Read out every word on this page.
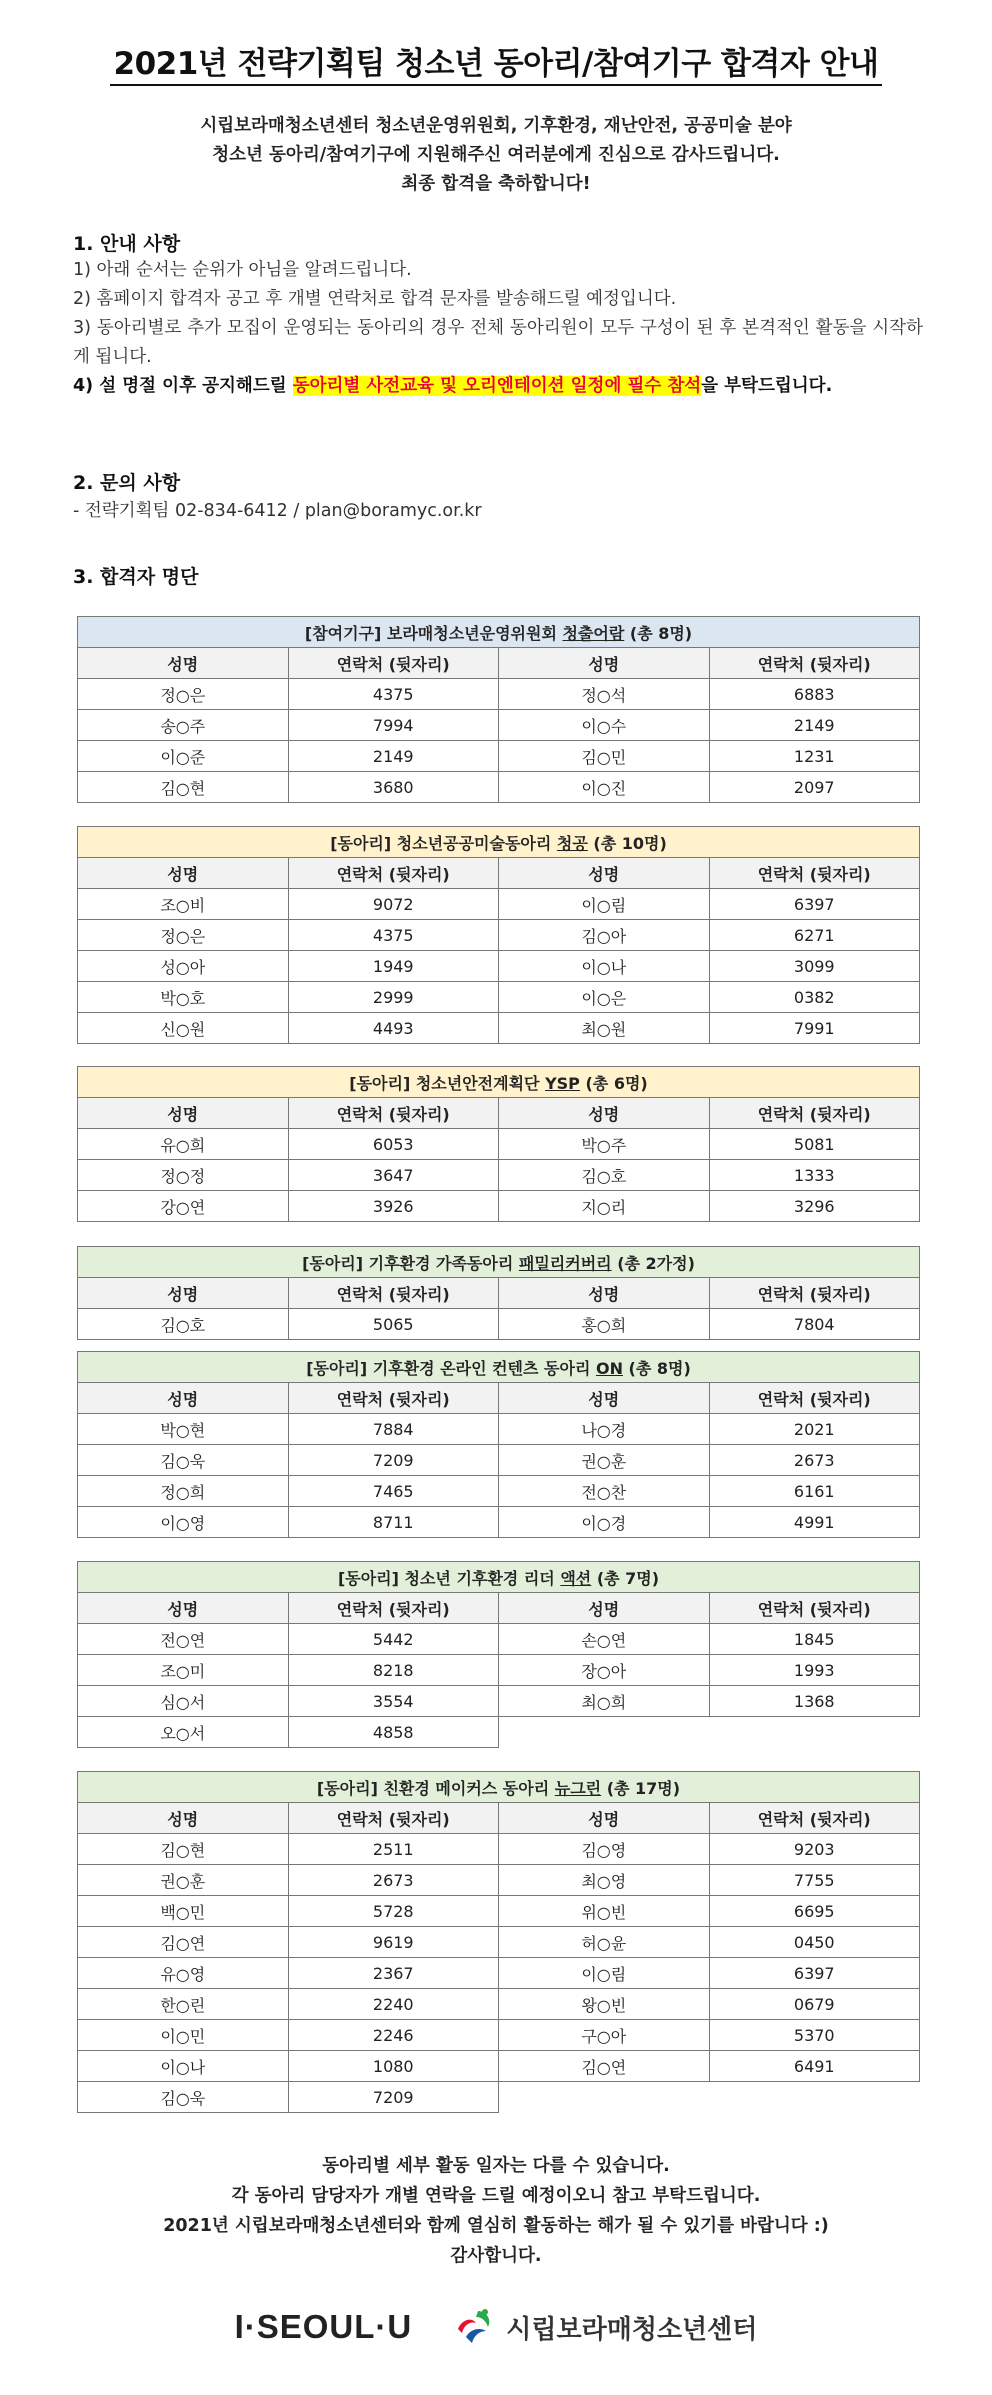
2021년 전략기획팀 청소년 동아리/참여기구 합격자 안내
시립보라매청소년센터 청소년운영위원회, 기후환경, 재난안전, 공공미술 분야
청소년 동아리/참여기구에 지원해주신 여러분에게 진심으로 감사드립니다.
최종 합격을 축하합니다!
1. 안내 사항

1) 아래 순서는 순위가 아님을 알려드립니다.

2) 홈페이지 합격자 공고 후 개별 연락처로 합격 문자를 발송해드릴 예정입니다.

3) 동아리별로 추가 모집이 운영되는 동아리의 경우 전체 동아리원이 모두 구성이 된 후 본격적인 활동을 시작하게 됩니다.

4) 설 명절 이후 공지해드릴 동아리별 사전교육 및 오리엔테이션 일정에 필수 참석을 부탁드립니다.

2. 문의 사항
- 전략기획팀 02-834-6412 / plan@boramyc.or.kr
3. 합격자 명단
[참여기구] 보라매청소년운영위원회 청출어람 (총 8명)			
성명	연락처 (뒷자리)	성명	연락처 (뒷자리)
정○은	4375	정○석	6883
송○주	7994	이○수	2149
이○준	2149	김○민	1231
김○현	3680	이○진	2097
[동아리] 청소년공공미술동아리 청공 (총 10명)			
성명	연락처 (뒷자리)	성명	연락처 (뒷자리)
조○비	9072	이○림	6397
정○은	4375	김○아	6271
성○아	1949	이○나	3099
박○호	2999	이○은	0382
신○원	4493	최○원	7991
[동아리] 청소년안전계획단 YSP (총 6명)			
성명	연락처 (뒷자리)	성명	연락처 (뒷자리)
유○희	6053	박○주	5081
정○정	3647	김○호	1333
강○연	3926	지○리	3296
[동아리] 기후환경 가족동아리 패밀리커버리 (총 2가정)			
성명	연락처 (뒷자리)	성명	연락처 (뒷자리)
김○호	5065	홍○희	7804
[동아리] 기후환경 온라인 컨텐츠 동아리 ON (총 8명)			
성명	연락처 (뒷자리)	성명	연락처 (뒷자리)
박○현	7884	나○경	2021
김○욱	7209	권○훈	2673
정○희	7465	전○찬	6161
이○영	8711	이○경	4991
[동아리] 청소년 기후환경 리더 액션 (총 7명)			
성명	연락처 (뒷자리)	성명	연락처 (뒷자리)
전○연	5442	손○연	1845
조○미	8218	장○아	1993
심○서	3554	최○희	1368
오○서	4858		
[동아리] 친환경 메이커스 동아리 뉴그린 (총 17명)			
성명	연락처 (뒷자리)	성명	연락처 (뒷자리)
김○현	2511	김○영	9203
권○훈	2673	최○영	7755
백○민	5728	위○빈	6695
김○연	9619	허○윤	0450
유○영	2367	이○림	6397
한○린	2240	왕○빈	0679
이○민	2246	구○아	5370
이○나	1080	김○연	6491
김○욱	7209		
동아리별 세부 활동 일자는 다를 수 있습니다.
각 동아리 담당자가 개별 연락을 드릴 예정이오니 참고 부탁드립니다.
2021년 시립보라매청소년센터와 함께 열심히 활동하는 해가 될 수 있기를 바랍니다 :)
감사합니다.
I·SEOUL·U	시립보라매청소년센터
